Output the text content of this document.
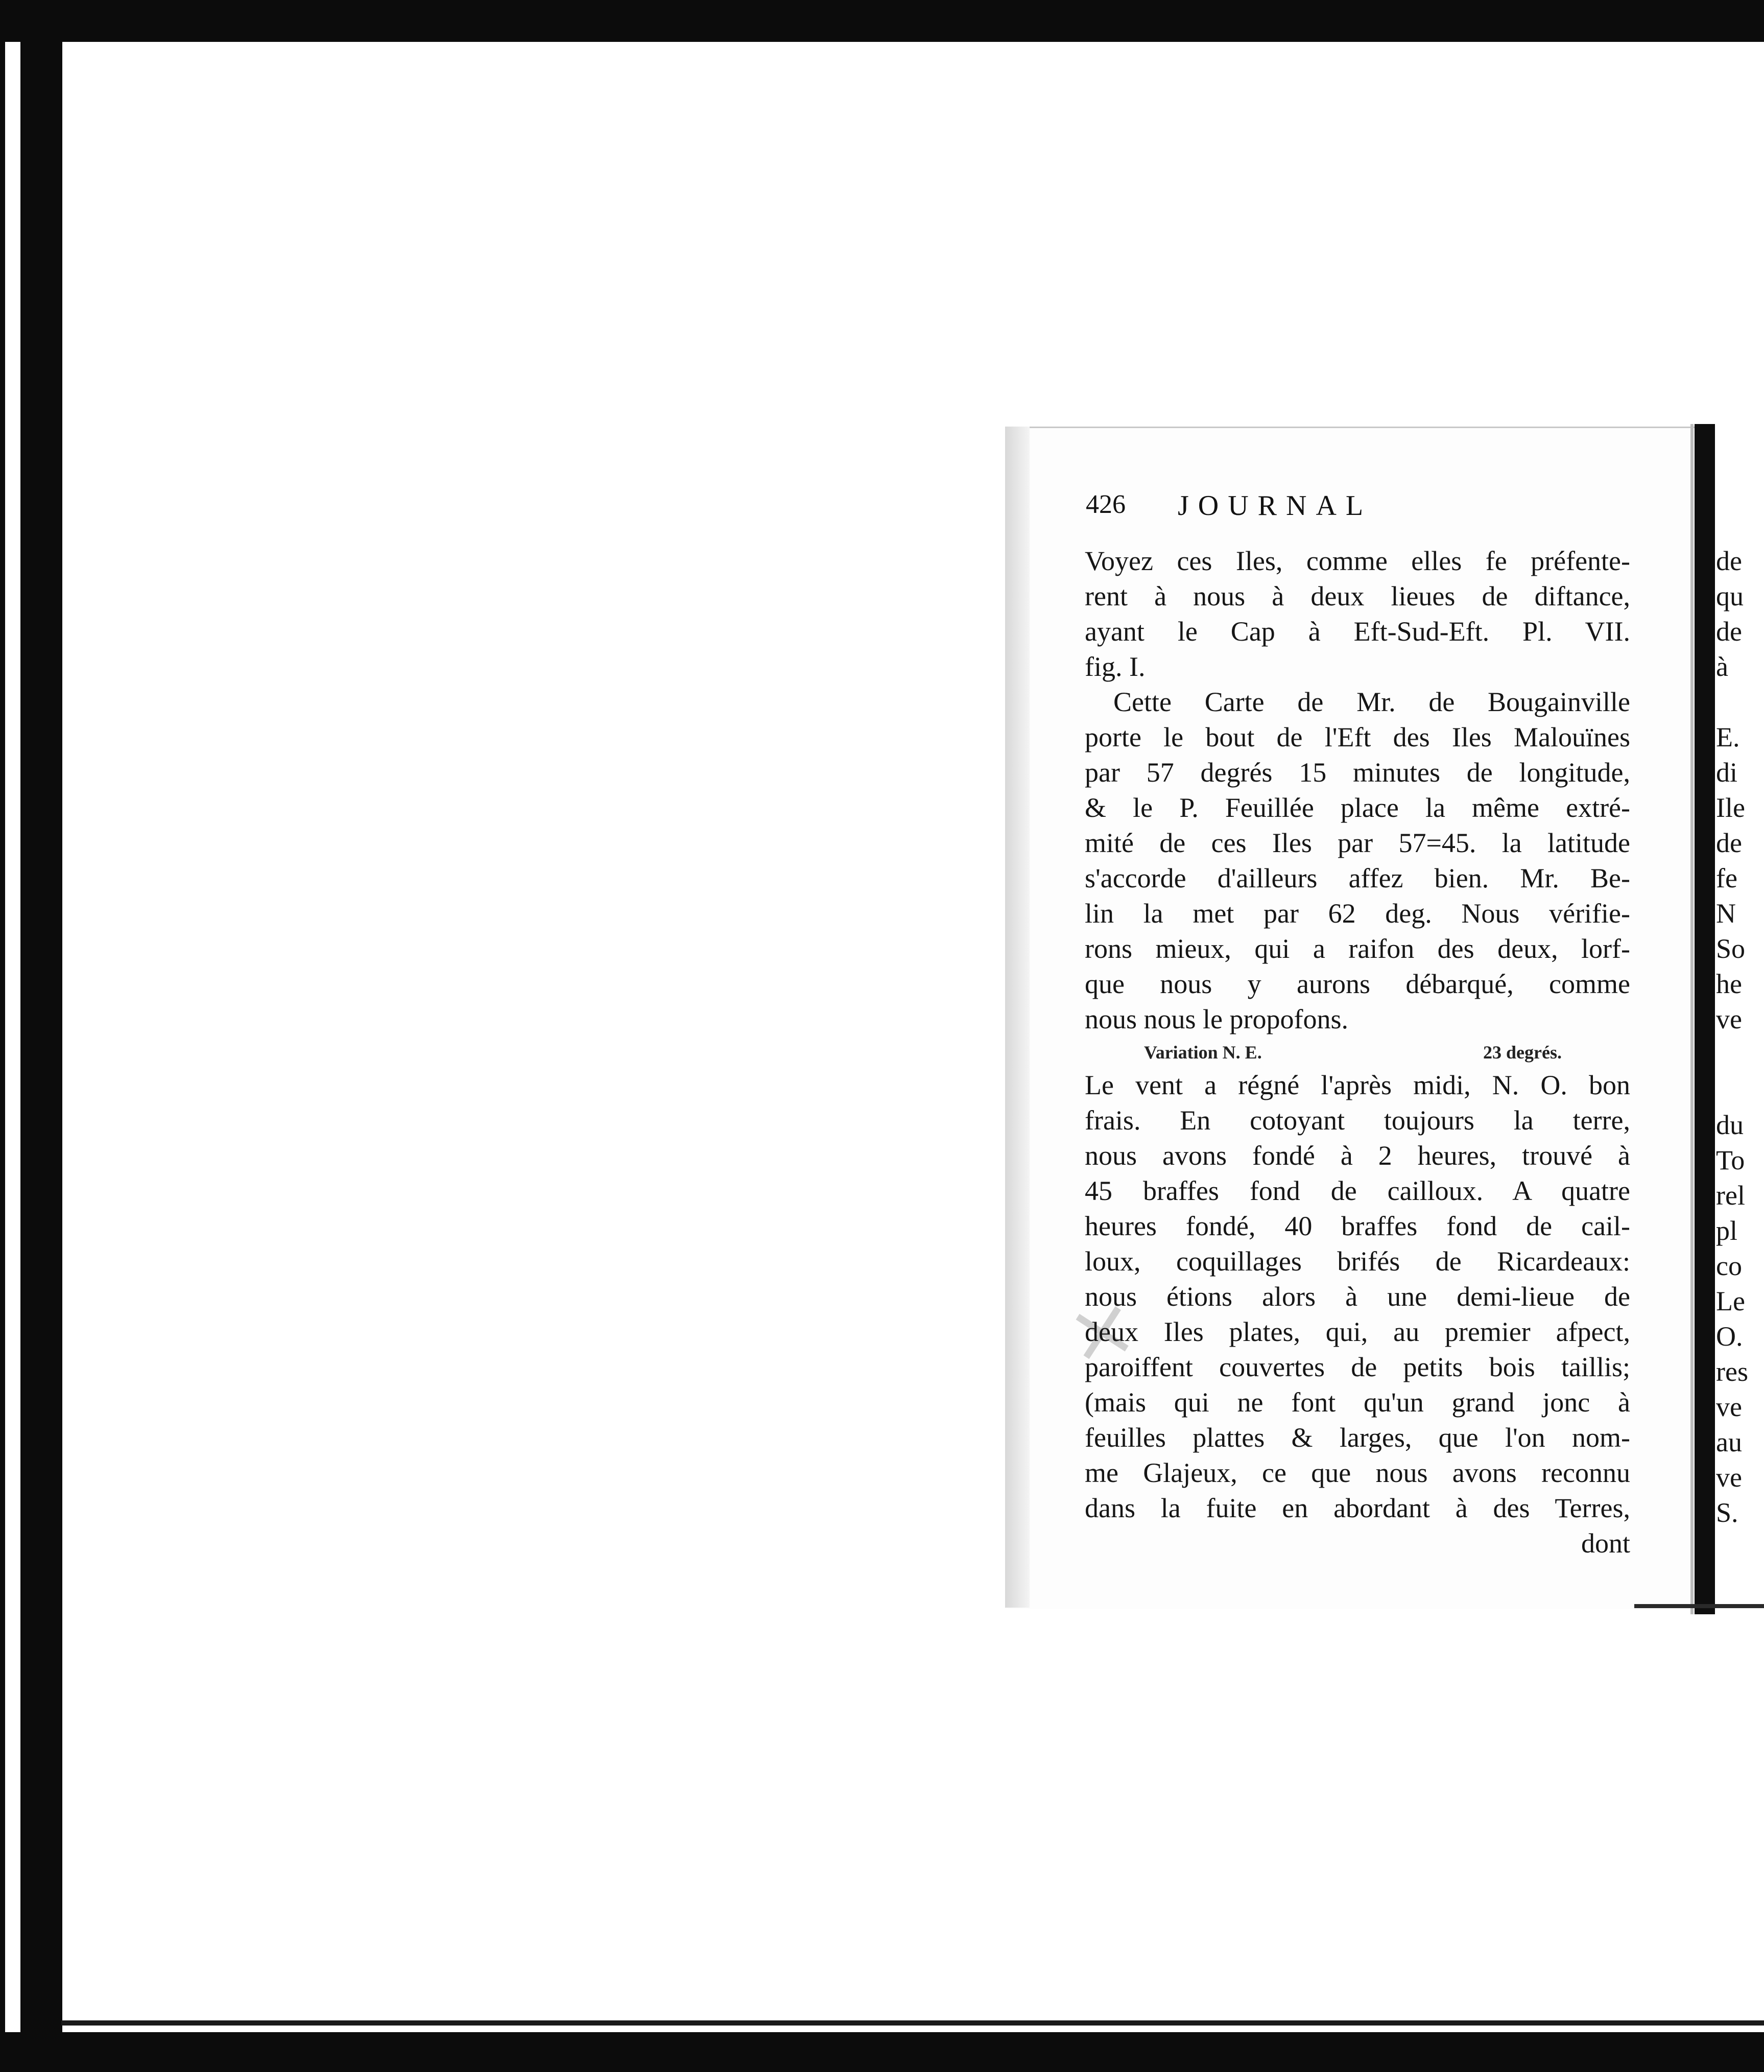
×
426 JOURNAL
Voyez ces Iles, comme elles fe préfente-
rent à nous à deux lieues de diftance,
ayant le Cap à Eft-Sud-Eft. Pl. VII.
fig. I.
Cette Carte de Mr. de Bougainville
porte le bout de l'Eft des Iles Malouïnes
par 57 degrés 15 minutes de longitude,
& le P. Feuillée place la même extré-
mité de ces Iles par 57=45. la latitude
s'accorde d'ailleurs affez bien. Mr. Be-
lin la met par 62 deg. Nous vérifie-
rons mieux, qui a raifon des deux, lorf-
que nous y aurons débarqué, comme
nous nous le propofons.
Variation N. E.	23 degrés.
Le vent a régné l'après midi, N. O. bon
frais. En cotoyant toujours la terre,
nous avons fondé à 2 heures, trouvé à
45 braffes fond de cailloux. A quatre
heures fondé, 40 braffes fond de cail-
loux, coquillages brifés de Ricardeaux:
nous étions alors à une demi-lieue de
deux Iles plates, qui, au premier afpect,
paroiffent couvertes de petits bois taillis;
(mais qui ne font qu'un grand jonc à
feuilles plattes & larges, que l'on nom-
me Glajeux, ce que nous avons reconnu
dans la fuite en abordant à des Terres,
dont
de
qu
de
à
E.
di
Ile
de
fe
N
So
he
ve
du
To
rel
pl
co
Le
O.
res
ve
au
ve
S.
